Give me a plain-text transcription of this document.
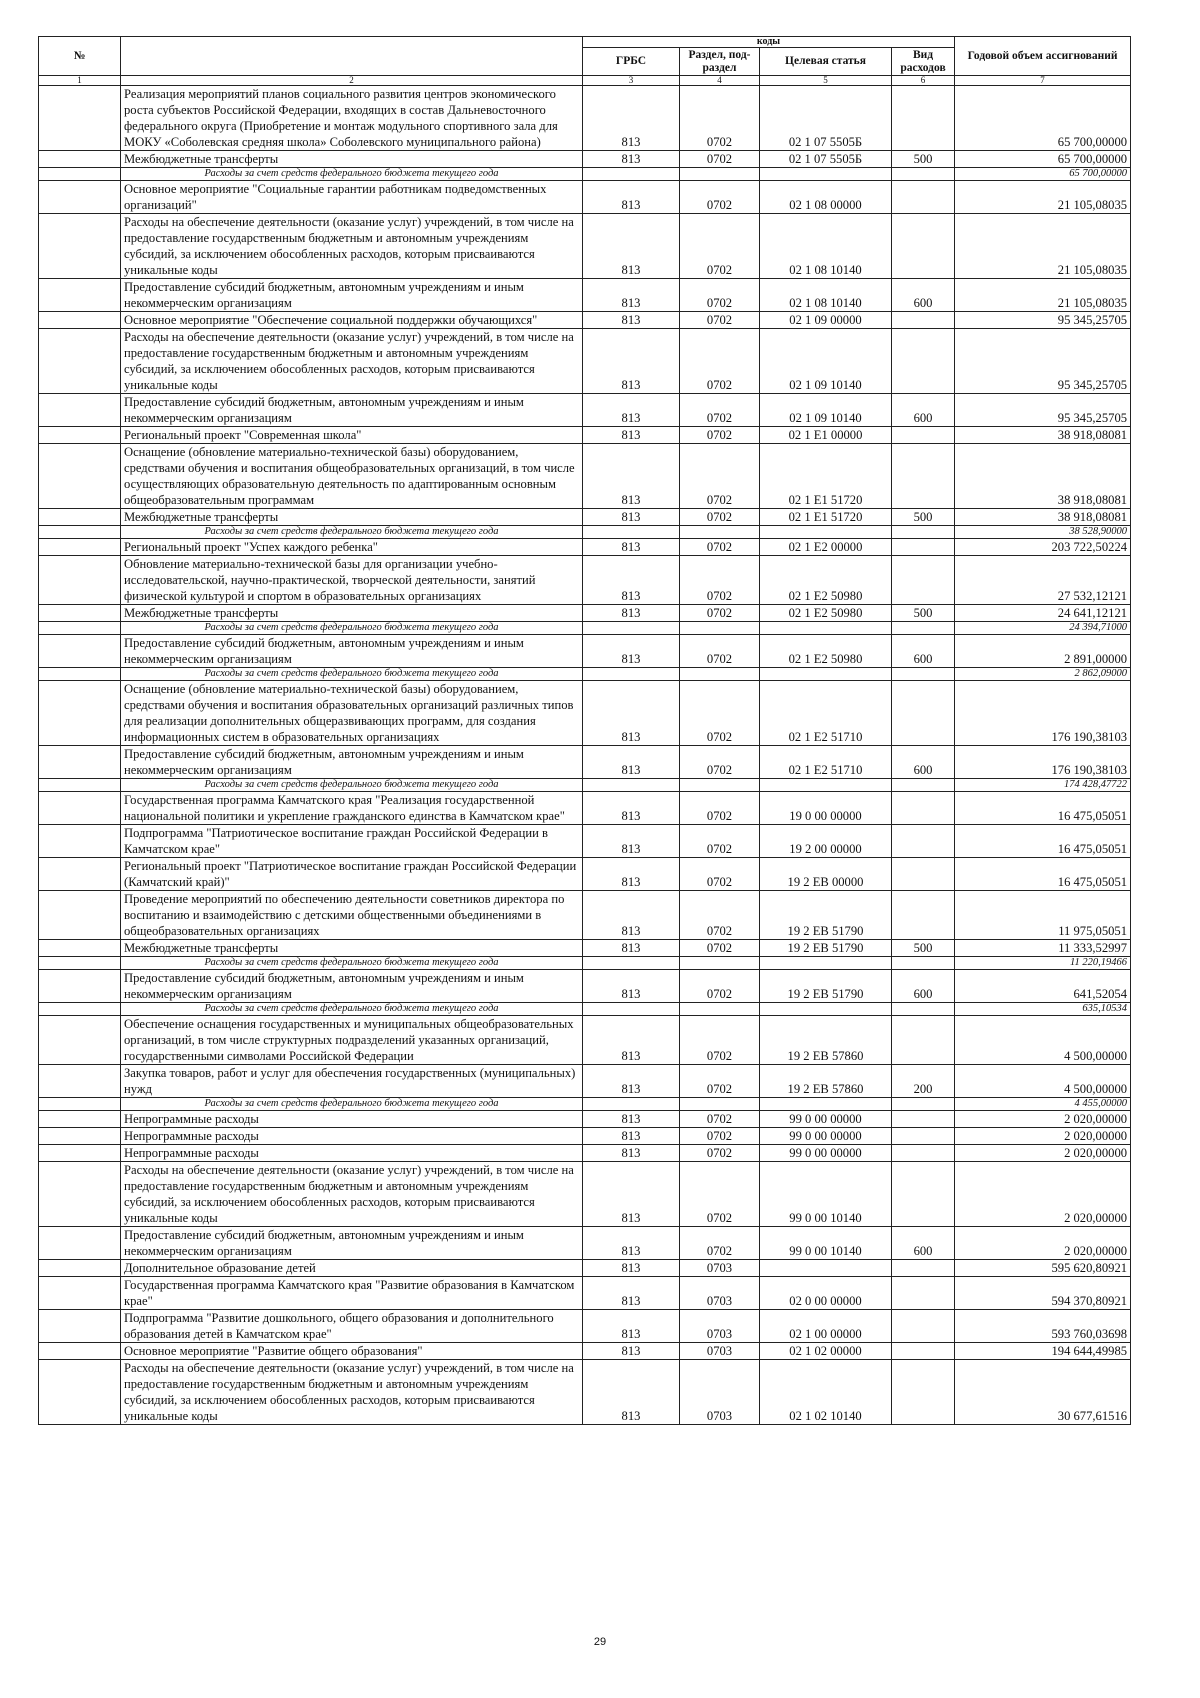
№		коды				Годовой объем ассигнований
		ГРБС	Раздел, под-раздел	Целевая статья	Вид расходов	
1	2	3	4	5	6	7
	Реализация мероприятий планов социального развития центров экономического роста субъектов Российской Федерации, входящих в состав Дальневосточного федерального округа (Приобретение и монтаж модульного спортивного зала для МОКУ «Соболевская средняя школа» Соболевского муниципального района)	813	0702	02 1 07 5505Б		65 700,00000
	Межбюджетные трансферты	813	0702	02 1 07 5505Б	500	65 700,00000
	Расходы за счет средств федерального бюджета текущего года					65 700,00000
	Основное мероприятие "Социальные гарантии работникам подведомственных организаций"	813	0702	02 1 08 00000		21 105,08035
	Расходы на обеспечение деятельности (оказание услуг) учреждений, в том числе на предоставление государственным бюджетным и автономным учреждениям субсидий, за исключением обособленных расходов, которым присваиваются уникальные коды	813	0702	02 1 08 10140		21 105,08035
	Предоставление субсидий бюджетным, автономным учреждениям и иным некоммерческим организациям	813	0702	02 1 08 10140	600	21 105,08035
	Основное мероприятие "Обеспечение социальной поддержки обучающихся"	813	0702	02 1 09 00000		95 345,25705
	Расходы на обеспечение деятельности (оказание услуг) учреждений, в том числе на предоставление государственным бюджетным и автономным учреждениям субсидий, за исключением обособленных расходов, которым присваиваются уникальные коды	813	0702	02 1 09 10140		95 345,25705
	Предоставление субсидий бюджетным, автономным учреждениям и иным некоммерческим организациям	813	0702	02 1 09 10140	600	95 345,25705
	Региональный проект "Современная школа"	813	0702	02 1 E1 00000		38 918,08081
	Оснащение (обновление материально-технической базы) оборудованием, средствами обучения и воспитания общеобразовательных организаций, в том числе осуществляющих образовательную деятельность по адаптированным основным общеобразовательным программам	813	0702	02 1 E1 51720		38 918,08081
	Межбюджетные трансферты	813	0702	02 1 E1 51720	500	38 918,08081
	Расходы за счет средств федерального бюджета текущего года					38 528,90000
	Региональный проект "Успех каждого ребенка"	813	0702	02 1 E2 00000		203 722,50224
	Обновление материально-технической базы для организации учебно-исследовательской, научно-практической, творческой деятельности, занятий физической культурой и спортом в образовательных организациях	813	0702	02 1 E2 50980		27 532,12121
	Межбюджетные трансферты	813	0702	02 1 E2 50980	500	24 641,12121
	Расходы за счет средств федерального бюджета текущего года					24 394,71000
	Предоставление субсидий бюджетным, автономным учреждениям и иным некоммерческим организациям	813	0702	02 1 E2 50980	600	2 891,00000
	Расходы за счет средств федерального бюджета текущего года					2 862,09000
	Оснащение (обновление материально-технической базы) оборудованием, средствами обучения и воспитания образовательных организаций различных типов для реализации дополнительных общеразвивающих программ, для создания информационных систем в образовательных организациях	813	0702	02 1 E2 51710		176 190,38103
	Предоставление субсидий бюджетным, автономным учреждениям и иным некоммерческим организациям	813	0702	02 1 E2 51710	600	176 190,38103
	Расходы за счет средств федерального бюджета текущего года					174 428,47722
	Государственная программа Камчатского края "Реализация государственной национальной политики и укрепление гражданского единства в Камчатском крае"	813	0702	19 0 00 00000		16 475,05051
	Подпрограмма "Патриотическое воспитание граждан Российской Федерации в Камчатском крае"	813	0702	19 2 00 00000		16 475,05051
	Региональный проект "Патриотическое воспитание граждан Российской Федерации (Камчатский край)"	813	0702	19 2 EB 00000		16 475,05051
	Проведение мероприятий по обеспечению деятельности советников директора по воспитанию и взаимодействию с детскими общественными объединениями в общеобразовательных организациях	813	0702	19 2 EB 51790		11 975,05051
	Межбюджетные трансферты	813	0702	19 2 EB 51790	500	11 333,52997
	Расходы за счет средств федерального бюджета текущего года					11 220,19466
	Предоставление субсидий бюджетным, автономным учреждениям и иным некоммерческим организациям	813	0702	19 2 EB 51790	600	641,52054
	Расходы за счет средств федерального бюджета текущего года					635,10534
	Обеспечение оснащения государственных и муниципальных общеобразовательных организаций, в том числе структурных подразделений указанных организаций, государственными символами Российской Федерации	813	0702	19 2 EB 57860		4 500,00000
	Закупка товаров, работ и услуг для обеспечения государственных (муниципальных) нужд	813	0702	19 2 EB 57860	200	4 500,00000
	Расходы за счет средств федерального бюджета текущего года					4 455,00000
	Непрограммные расходы	813	0702	99 0 00 00000		2 020,00000
	Непрограммные расходы	813	0702	99 0 00 00000		2 020,00000
	Непрограммные расходы	813	0702	99 0 00 00000		2 020,00000
	Расходы на обеспечение деятельности (оказание услуг) учреждений, в том числе на предоставление государственным бюджетным и автономным учреждениям субсидий, за исключением обособленных расходов, которым присваиваются уникальные коды	813	0702	99 0 00 10140		2 020,00000
	Предоставление субсидий бюджетным, автономным учреждениям и иным некоммерческим организациям	813	0702	99 0 00 10140	600	2 020,00000
	Дополнительное образование детей	813	0703			595 620,80921
	Государственная программа Камчатского края "Развитие образования в Камчатском крае"	813	0703	02 0 00 00000		594 370,80921
	Подпрограмма "Развитие дошкольного, общего образования и дополнительного образования детей в Камчатском крае"	813	0703	02 1 00 00000		593 760,03698
	Основное мероприятие "Развитие общего образования"	813	0703	02 1 02 00000		194 644,49985
	Расходы на обеспечение деятельности (оказание услуг) учреждений, в том числе на предоставление государственным бюджетным и автономным учреждениям субсидий, за исключением обособленных расходов, которым присваиваются уникальные коды	813	0703	02 1 02 10140		30 677,61516
29
